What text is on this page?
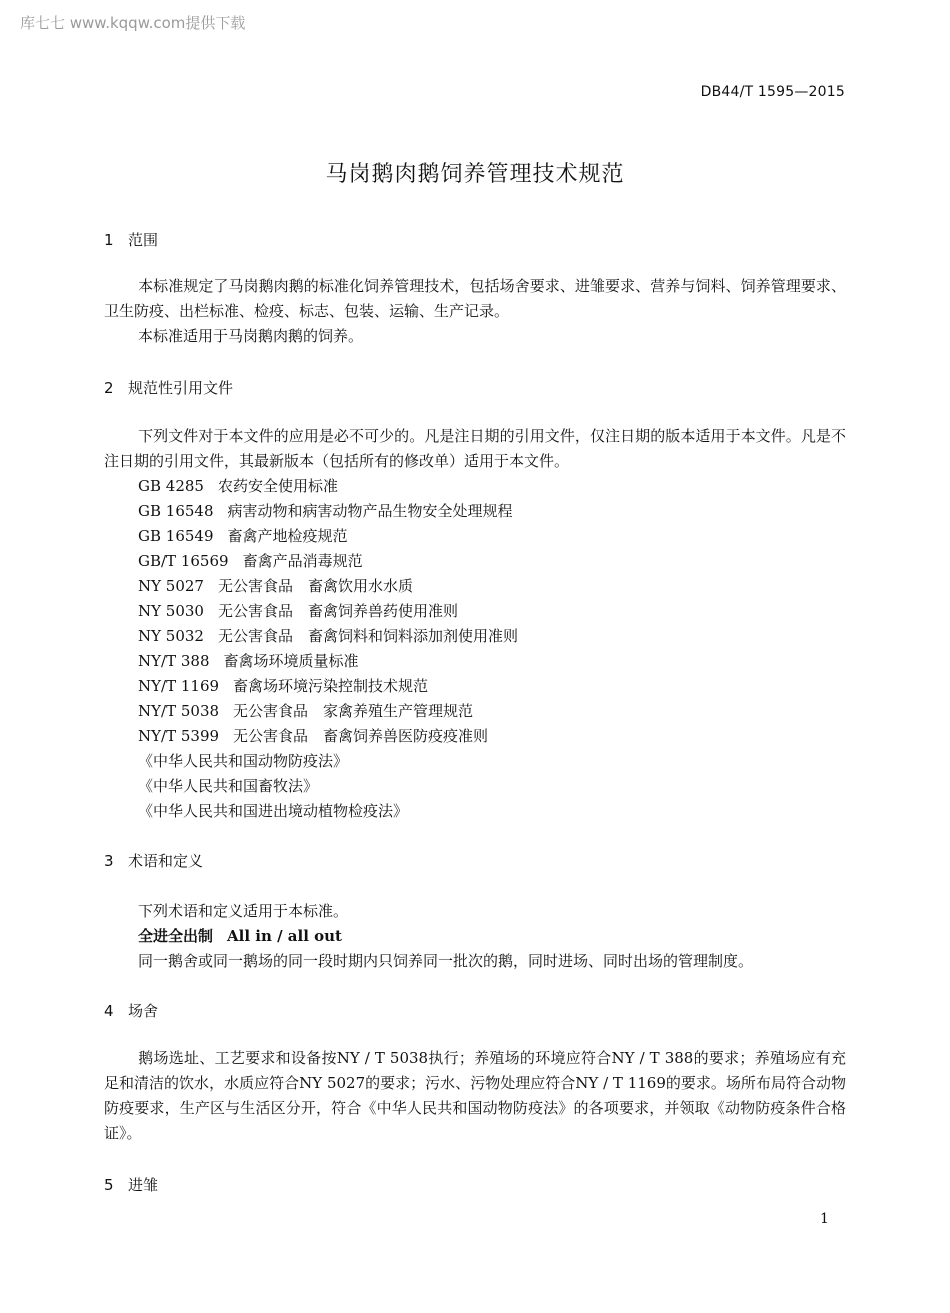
库七七 www.kqqw.com提供下载
DB44/T 1595—2015
马岗鹅肉鹅饲养管理技术规范
1 范围
本标准规定了马岗鹅肉鹅的标准化饲养管理技术，包括场舍要求、进雏要求、营养与饲料、饲养管理要求、卫生防疫、出栏标准、检疫、标志、包装、运输、生产记录。
本标准适用于马岗鹅肉鹅的饲养。
2 规范性引用文件
下列文件对于本文件的应用是必不可少的。凡是注日期的引用文件，仅注日期的版本适用于本文件。凡是不注日期的引用文件，其最新版本（包括所有的修改单）适用于本文件。
GB 4285 农药安全使用标准
GB 16548 病害动物和病害动物产品生物安全处理规程
GB 16549 畜禽产地检疫规范
GB/T 16569 畜禽产品消毒规范
NY 5027 无公害食品　畜禽饮用水水质
NY 5030 无公害食品　畜禽饲养兽药使用准则
NY 5032 无公害食品　畜禽饲料和饲料添加剂使用准则
NY/T 388 畜禽场环境质量标准
NY/T 1169 畜禽场环境污染控制技术规范
NY/T 5038 无公害食品　家禽养殖生产管理规范
NY/T 5399 无公害食品　畜禽饲养兽医防疫疫准则
《中华人民共和国动物防疫法》
《中华人民共和国畜牧法》
《中华人民共和国进出境动植物检疫法》
3 术语和定义
下列术语和定义适用于本标准。
全进全出制 All in / all out
同一鹅舍或同一鹅场的同一段时期内只饲养同一批次的鹅，同时进场、同时出场的管理制度。
4 场舍
鹅场选址、工艺要求和设备按NY / T 5038执行；养殖场的环境应符合NY / T 388的要求；养殖场应有充足和清洁的饮水，水质应符合NY 5027的要求；污水、污物处理应符合NY / T 1169的要求。场所布局符合动物防疫要求，生产区与生活区分开，符合《中华人民共和国动物防疫法》的各项要求，并领取《动物防疫条件合格证》。
5 进雏
1
